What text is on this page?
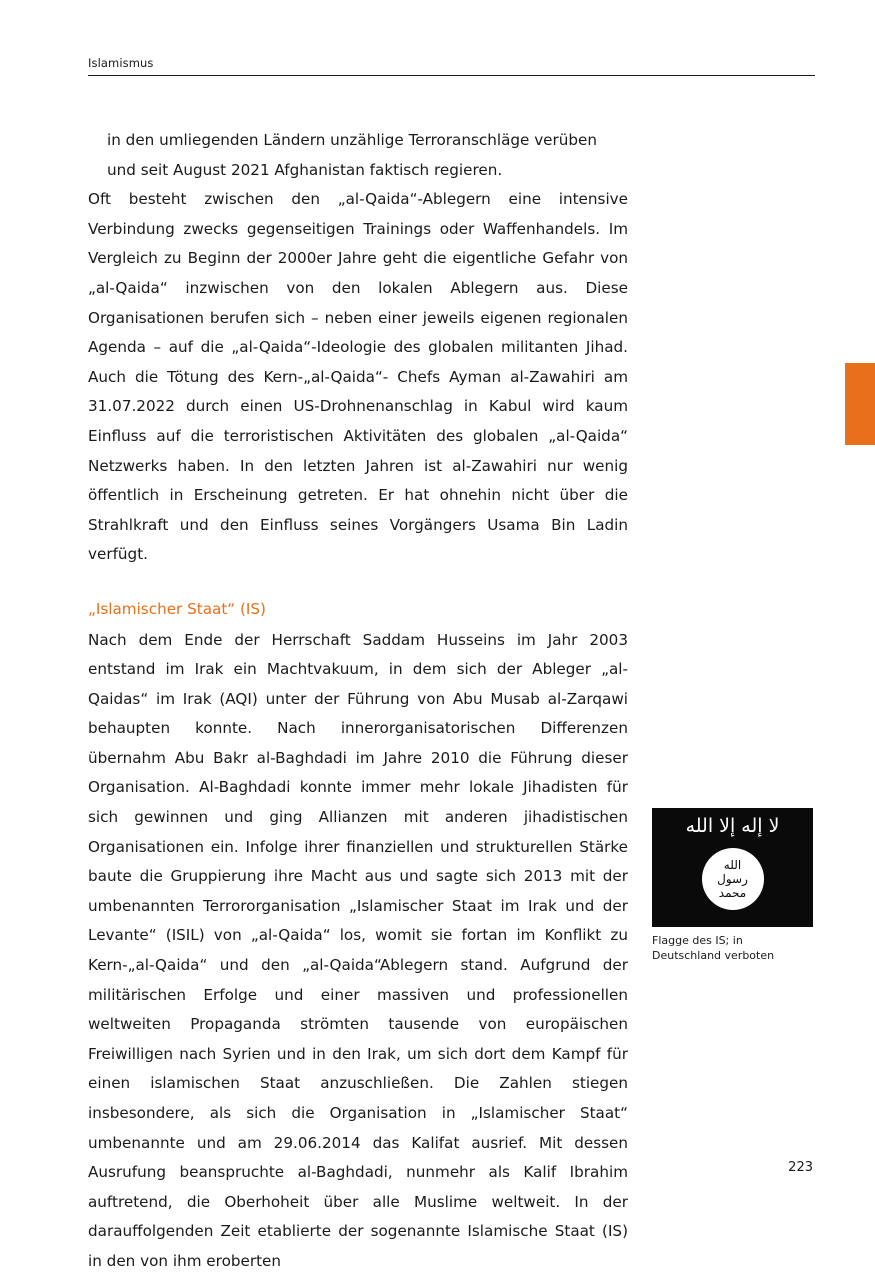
Islamismus

in den umliegenden Ländern unzählige Terroranschläge verüben und seit August 2021 Afghanistan faktisch regieren.

Oft besteht zwischen den „al-Qaida“-Ablegern eine intensive Verbindung zwecks gegenseitigen Trainings oder Waffenhandels. Im Vergleich zu Beginn der 2000er Jahre geht die eigentliche Gefahr von „al-Qaida“ inzwischen von den lokalen Ablegern aus. Diese Organisationen berufen sich – neben einer jeweils eigenen regionalen Agenda – auf die „al-Qaida“-Ideologie des globalen militanten Jihad. Auch die Tötung des Kern-„al-Qaida“- Chefs Ayman al-Zawahiri am 31.07.2022 durch einen US-Drohnenanschlag in Kabul wird kaum Einfluss auf die terroristischen Aktivitäten des globalen „al-Qaida“ Netzwerks haben. In den letzten Jahren ist al-Zawahiri nur wenig öffentlich in Erscheinung getreten. Er hat ohnehin nicht über die Strahlkraft und den Einfluss seines Vorgängers Usama Bin Ladin verfügt.

„Islamischer Staat“ (IS)

Nach dem Ende der Herrschaft Saddam Husseins im Jahr 2003 entstand im Irak ein Machtvakuum, in dem sich der Ableger „al-Qaidas“ im Irak (AQI) unter der Führung von Abu Musab al-Zarqawi behaupten konnte. Nach innerorganisatorischen Differenzen übernahm Abu Bakr al-Baghdadi im Jahre 2010 die Führung dieser Organisation. Al-Baghdadi konnte immer mehr lokale Jihadisten für sich gewinnen und ging Allianzen mit anderen jihadistischen Organisationen ein. Infolge ihrer finanziellen und strukturellen Stärke baute die Gruppierung ihre Macht aus und sagte sich 2013 mit der umbenannten Terrororganisation „Islamischer Staat im Irak und der Levante“ (ISIL) von „al-Qaida“ los, womit sie fortan im Konflikt zu Kern-„al-Qaida“ und den „al-Qaida“Ablegern stand. Aufgrund der militärischen Erfolge und einer massiven und professionellen weltweiten Propaganda strömten tausende von europäischen Freiwilligen nach Syrien und in den Irak, um sich dort dem Kampf für einen islamischen Staat anzuschließen. Die Zahlen stiegen insbesondere, als sich die Organisation in „Islamischer Staat“ umbenannte und am 29.06.2014 das Kalifat ausrief. Mit dessen Ausrufung beanspruchte al-Baghdadi, nunmehr als Kalif Ibrahim auftretend, die Oberhoheit über alle Muslime weltweit. In der darauffolgenden Zeit etablierte der sogenannte Islamische Staat (IS) in den von ihm eroberten

لا إله إلا الله
الله
رسول
محمد
Flagge des IS; in Deutschland verboten
223
